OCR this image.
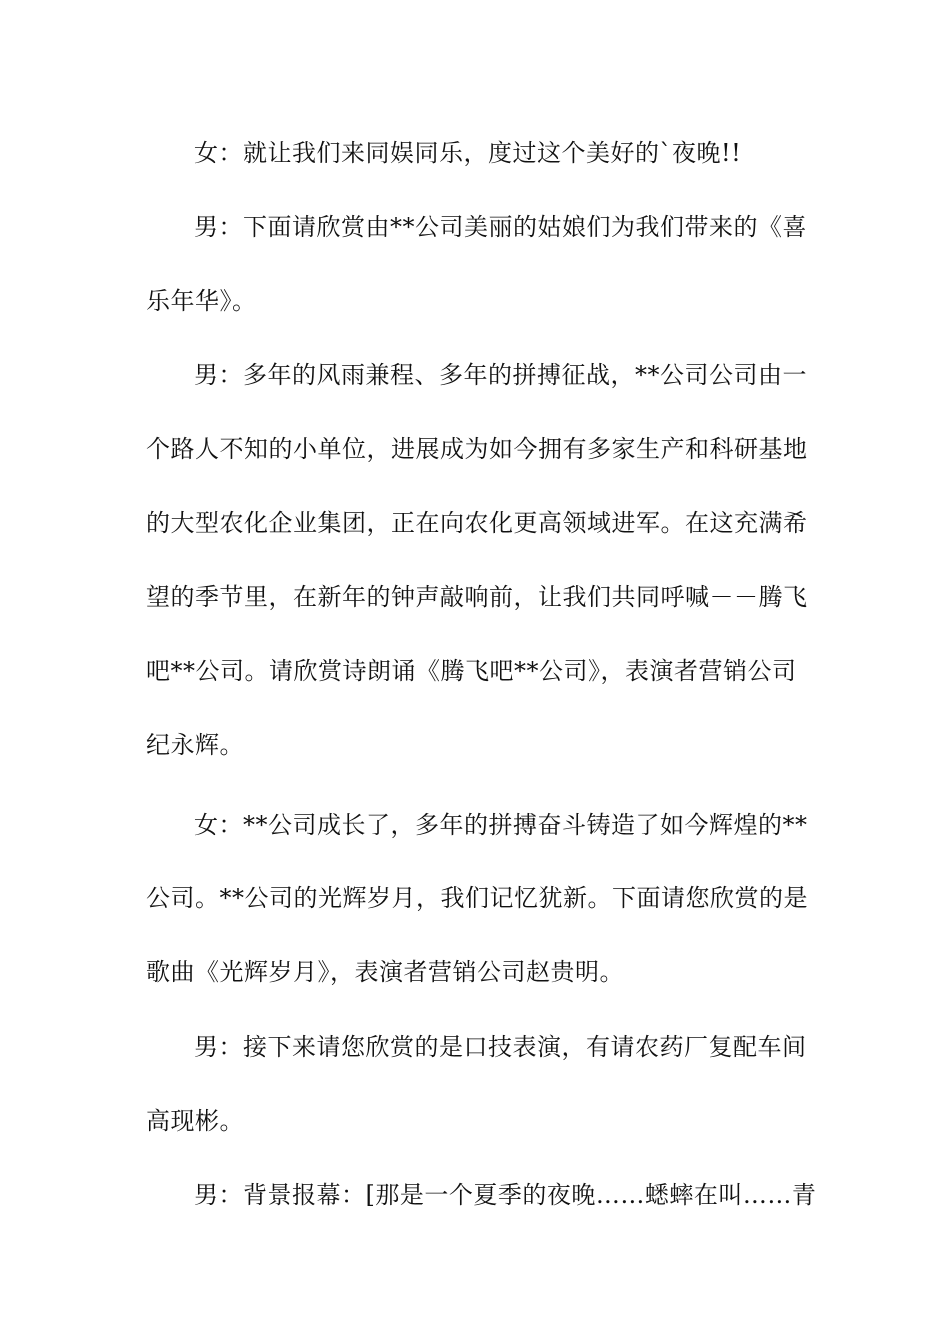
女：就让我们来同娱同乐，度过这个美好的`夜晚!!
男：下面请欣赏由**公司美丽的姑娘们为我们带来的《喜
乐年华》。
男：多年的风雨兼程、多年的拼搏征战，**公司公司由一
个路人不知的小单位，进展成为如今拥有多家生产和科研基地
的大型农化企业集团，正在向农化更高领域进军。在这充满希
望的季节里，在新年的钟声敲响前，让我们共同呼喊－－腾飞
吧**公司。请欣赏诗朗诵《腾飞吧**公司》，表演者营销公司
纪永辉。
女：**公司成长了，多年的拼搏奋斗铸造了如今辉煌的**
公司。**公司的光辉岁月，我们记忆犹新。下面请您欣赏的是
歌曲《光辉岁月》，表演者营销公司赵贵明。
男：接下来请您欣赏的是口技表演，有请农药厂复配车间
高现彬。
男：背景报幕：[那是一个夏季的夜晚……蟋蟀在叫……青
